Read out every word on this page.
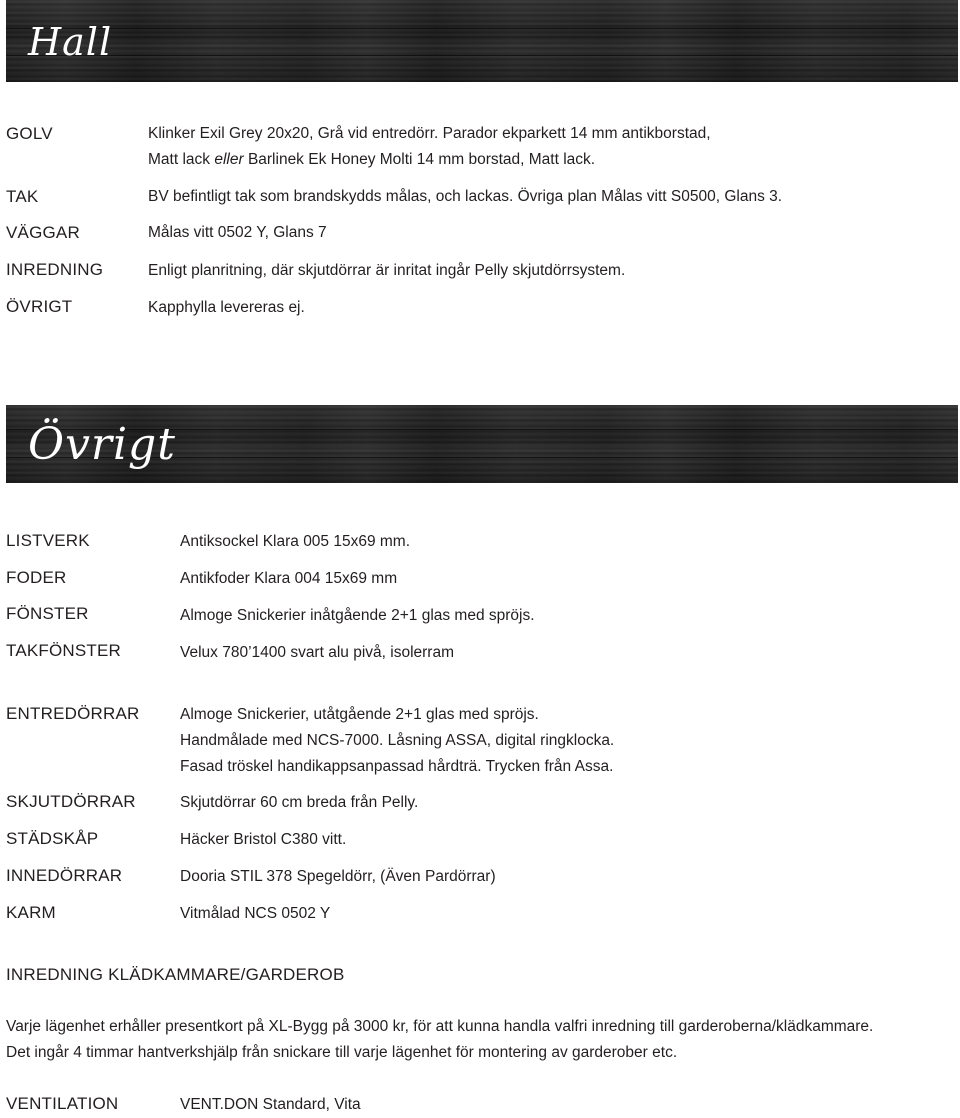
Hall
GOLV	Klinker Exil Grey 20x20, Grå vid entredörr. Parador ekparkett 14 mm antikborstad,
Matt lack eller Barlinek Ek Honey Molti 14 mm borstad, Matt lack.
TAK	BV befintligt tak som brandskydds målas, och lackas. Övriga plan Målas vitt S0500, Glans 3.
VÄGGAR	Målas vitt 0502 Y, Glans 7
INREDNING	Enligt planritning, där skjutdörrar är inritat ingår Pelly skjutdörrsystem.
ÖVRIGT	Kapphylla levereras ej.
Övrigt
LISTVERK	Antiksockel Klara 005 15x69 mm.
FODER	Antikfoder Klara 004 15x69 mm
FÖNSTER	Almoge Snickerier inåtgående 2+1 glas med spröjs.
TAKFÖNSTER	Velux 780’1400 svart alu pivå, isolerram
ENTREDÖRRAR	Almoge Snickerier, utåtgående 2+1 glas med spröjs.
Handmålade med NCS-7000. Låsning ASSA, digital ringklocka.
Fasad tröskel handikappsanpassad hårdträ. Trycken från Assa.
SKJUTDÖRRAR	Skjutdörrar 60 cm breda från Pelly.
STÄDSKÅP	Häcker Bristol C380 vitt.
INNEDÖRRAR	Dooria STIL 378 Spegeldörr, (Även Pardörrar)
KARM	Vitmålad NCS 0502 Y
INREDNING KLÄDKAMMARE/GARDEROB
Varje lägenhet erhåller presentkort på XL-Bygg på 3000 kr, för att kunna handla valfri inredning till garderoberna/klädkammare.
Det ingår 4 timmar hantverkshjälp från snickare till varje lägenhet för montering av garderober etc.
VENTILATION	VENT.DON Standard, Vita
